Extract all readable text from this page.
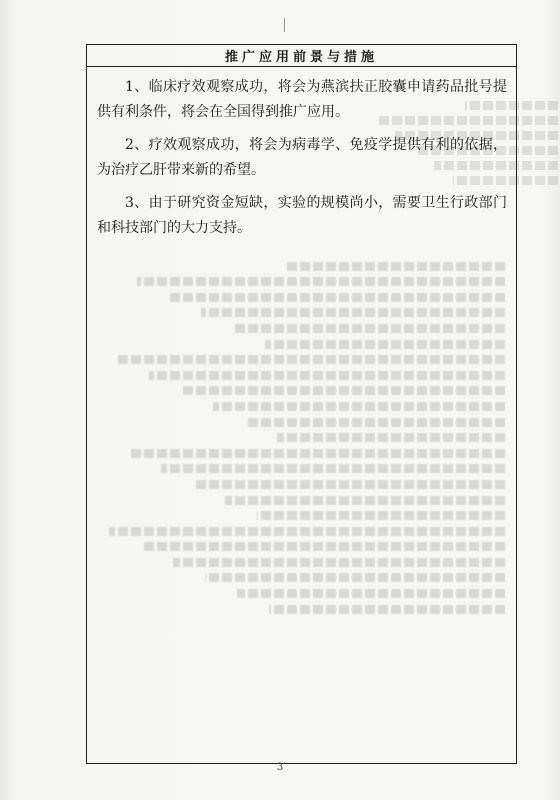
推广应用前景与措施

1、临床疗效观察成功，将会为燕滨扶正胶囊申请药品批号提供有利条件，将会在全国得到推广应用。

2、疗效观察成功，将会为病毒学、免疫学提供有利的依据，为治疗乙肝带来新的希望。

3、由于研究资金短缺，实验的规模尚小，需要卫生行政部门和科技部门的大力支持。

3
